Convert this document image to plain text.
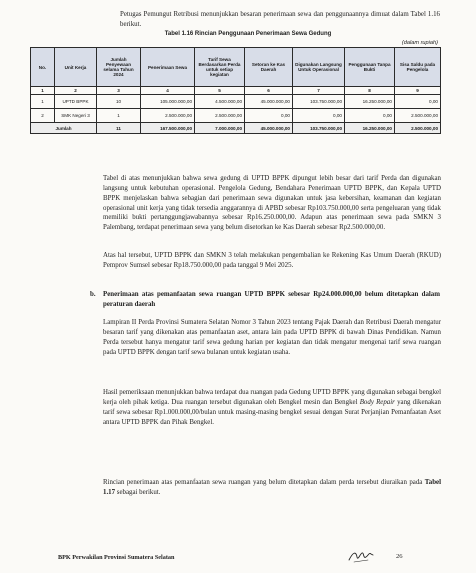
Petugas Pemungut Retribusi menunjukkan besaran penerimaan sewa dan penggunaannya dimuat dalam Tabel 1.16 berikut.

Tabel 1.16 Rincian Penggunaan Penerimaan Sewa Gedung
(dalam rupiah)
No.	Unit Kerja	Jumlah Penyewaan selama Tahun 2024	Penerimaan Sewa	Tarif Sewa Berdasarkan Perda untuk setiap kegiatan	Setoran ke Kas Daerah	Digunakan Langsung Untuk Operasional	Penggunaan Tanpa Bukti	Sisa Saldu pada Pengelola
1	2	3	4	5	6	7	8	9
1	UPTD BPPK	10	105.000.000,00	4.500.000,00	45.000.000,00	103.750.000,00	16.250.000,00	0,00
2	SMK Negeri 3	1	2.500.000,00	2.500.000,00	0,00	0,00	0,00	2.500.000,00
Jumlah		11	167.500.000,00	7.000.000,00	45.000.000,00	103.750.000,00	16.250.000,00	2.500.000,00

Tabel di atas menunjukkan bahwa sewa gedung di UPTD BPPK dipungut lebih besar dari tarif Perda dan digunakan langsung untuk kebutuhan operasional. Pengelola Gedung, Bendahara Penerimaan UPTD BPPK, dan Kepala UPTD BPPK menjelaskan bahwa sebagian dari penerimaan sewa digunakan untuk jasa kebersihan, keamanan dan kegiatan operasional unit kerja yang tidak tersedia anggarannya di APBD sebesar Rp103.750.000,00 serta pengeluaran yang tidak memiliki bukti pertanggungjawabannya sebesar Rp16.250.000,00. Adapun atas penerimaan sewa pada SMKN 3 Palembang, terdapat penerimaan sewa yang belum disetorkan ke Kas Daerah sebesar Rp2.500.000,00.

Atas hal tersebut, UPTD BPPK dan SMKN 3 telah melakukan pengembalian ke Rekening Kas Umum Daerah (RKUD) Pemprov Sumsel sebesar Rp18.750.000,00 pada tanggal 9 Mei 2025.

b. Penerimaan atas pemanfaatan sewa ruangan UPTD BPPK sebesar Rp24.000.000,00 belum ditetapkan dalam peraturan daerah

Lampiran II Perda Provinsi Sumatera Selatan Nomor 3 Tahun 2023 tentang Pajak Daerah dan Retribusi Daerah mengatur besaran tarif yang dikenakan atas pemanfaatan aset, antara lain pada UPTD BPPK di bawah Dinas Pendidikan. Namun Perda tersebut hanya mengatur tarif sewa gedung harian per kegiatan dan tidak mengatur mengenai tarif sewa ruangan pada UPTD BPPK dengan tarif sewa bulanan untuk kegiatan usaha.

Hasil pemeriksaan menunjukkan bahwa terdapat dua ruangan pada Gedung UPTD BPPK yang digunakan sebagai bengkel kerja oleh pihak ketiga. Dua ruangan tersebut digunakan oleh Bengkel mesin dan Bengkel Body Repair yang dikenakan tarif sewa sebesar Rp1.000.000,00/bulan untuk masing-masing bengkel sesuai dengan Surat Perjanjian Pemanfaatan Aset antara UPTD BPPK dan Pihak Bengkel.

Rincian penerimaan atas pemanfaatan sewa ruangan yang belum ditetapkan dalam perda tersebut diuraikan pada Tabel 1.17 sebagai berikut.

BPK Perwakilan Provinsi Sumatera Selatan	26
